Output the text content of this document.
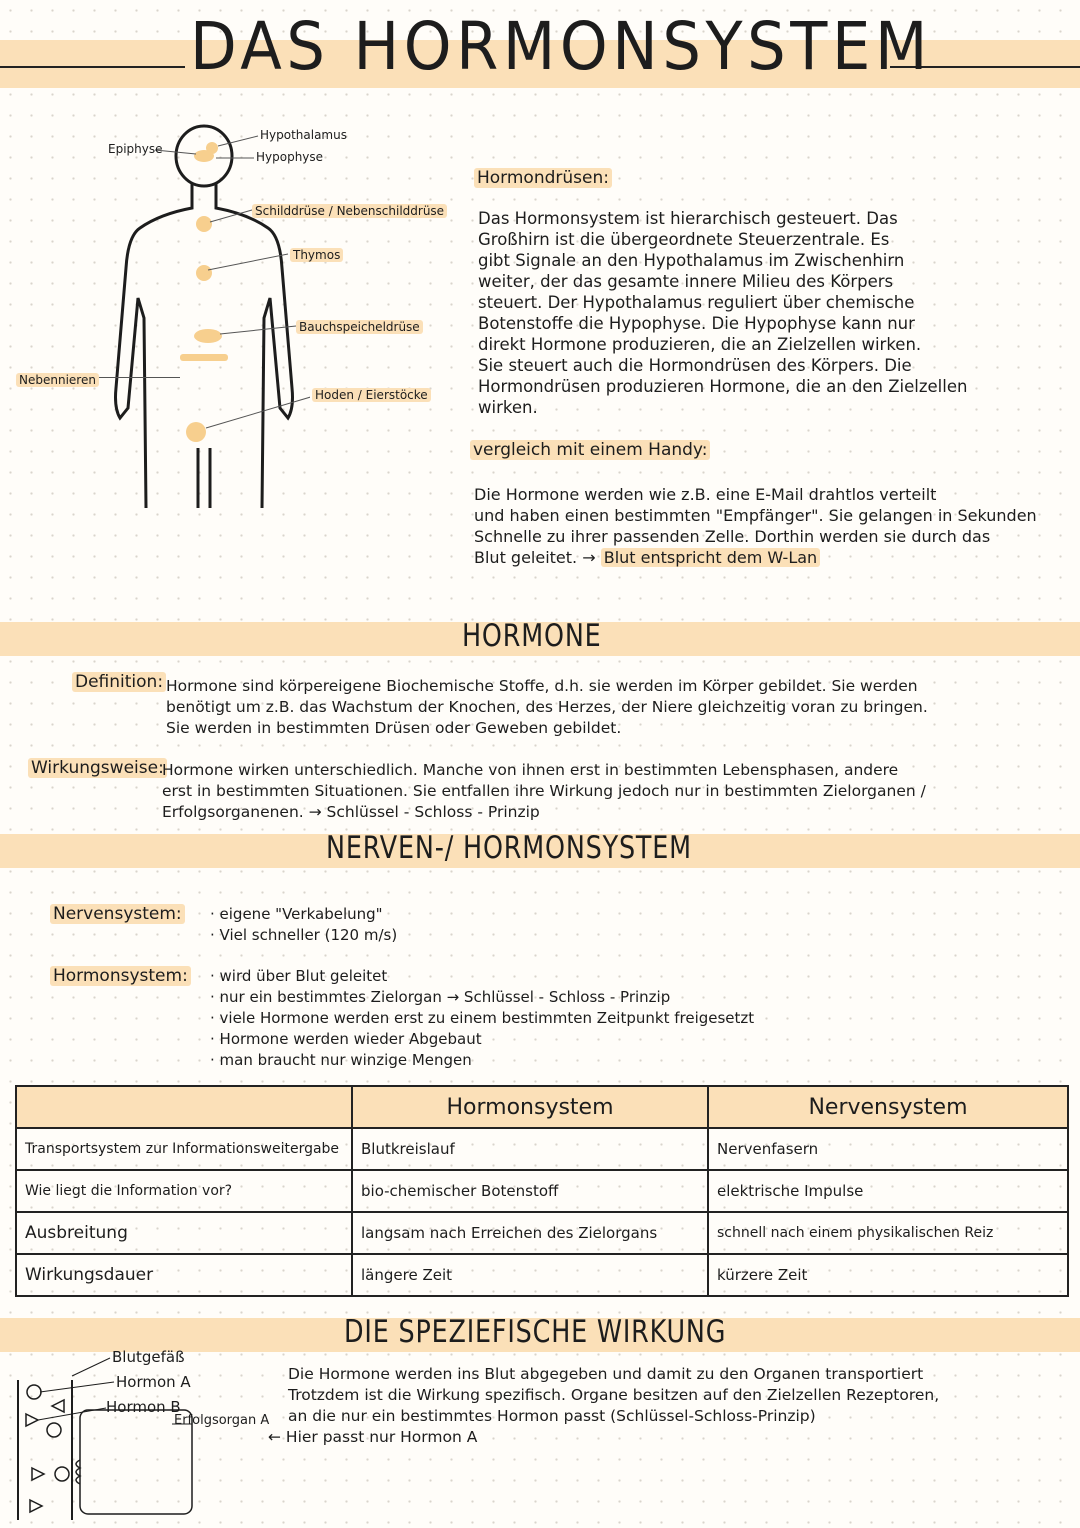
DAS HORMONSYSTEM
Epiphyse
Hypothalamus
Hypophyse
Schilddrüse / Nebenschilddrüse
Thymos
Bauchspeicheldrüse
Nebennieren
Hoden / Eierstöcke
Hormondrüsen:

Das Hormonsystem ist hierarchisch gesteuert. Das

Großhirn ist die übergeordnete Steuerzentrale. Es

gibt Signale an den Hypothalamus im Zwischenhirn

weiter, der das gesamte innere Milieu des Körpers

steuert. Der Hypothalamus reguliert über chemische

Botenstoffe die Hypophyse. Die Hypophyse kann nur

direkt Hormone produzieren, die an Zielzellen wirken.

Sie steuert auch die Hormondrüsen des Körpers. Die

Hormondrüsen produzieren Hormone, die an den Zielzellen

wirken.

vergleich mit einem Handy:

Die Hormone werden wie z.B. eine E-Mail drahtlos verteilt

und haben einen bestimmten "Empfänger". Sie gelangen in Sekunden

Schnelle zu ihrer passenden Zelle. Dorthin werden sie durch das

Blut geleitet. → Blut entspricht dem W-Lan

HORMONE
Definition: Hormone sind körpereigene Biochemische Stoffe, d.h. sie werden im Körper gebildet. Sie werden

benötigt um z.B. das Wachstum der Knochen, des Herzes, der Niere gleichzeitig voran zu bringen.

Sie werden in bestimmten Drüsen oder Geweben gebildet.

Wirkungsweise:

Hormone wirken unterschiedlich. Manche von ihnen erst in bestimmten Lebensphasen, andere

erst in bestimmten Situationen. Sie entfallen ihre Wirkung jedoch nur in bestimmten Zielorganen /

Erfolgsorganenen. → Schlüssel - Schloss - Prinzip

NERVEN-/ HORMONSYSTEM
Nervensystem: · eigene "Verkabelung"

· Viel schneller (120 m/s)

Hormonsystem: · wird über Blut geleitet

· nur ein bestimmtes Zielorgan → Schlüssel - Schloss - Prinzip

· viele Hormone werden erst zu einem bestimmten Zeitpunkt freigesetzt

· Hormone werden wieder Abgebaut

· man braucht nur winzige Mengen

	Hormonsystem	Nervensystem
Transportsystem zur Informationsweitergabe	Blutkreislauf	Nervenfasern
Wie liegt die Information vor?	bio-chemischer Botenstoff	elektrische Impulse
Ausbreitung	langsam nach Erreichen des Zielorgans	schnell nach einem physikalischen Reiz
Wirkungsdauer	längere Zeit	kürzere Zeit
DIE SPEZIEFISCHE WIRKUNG
Blutgefäß
Hormon A
Hormon B
Erfolgsorgan A

Die Hormone werden ins Blut abgegeben und damit zu den Organen transportiert

Trotzdem ist die Wirkung spezifisch. Organe besitzen auf den Zielzellen Rezeptoren,

an die nur ein bestimmtes Hormon passt (Schlüssel-Schloss-Prinzip)

← Hier passt nur Hormon A
